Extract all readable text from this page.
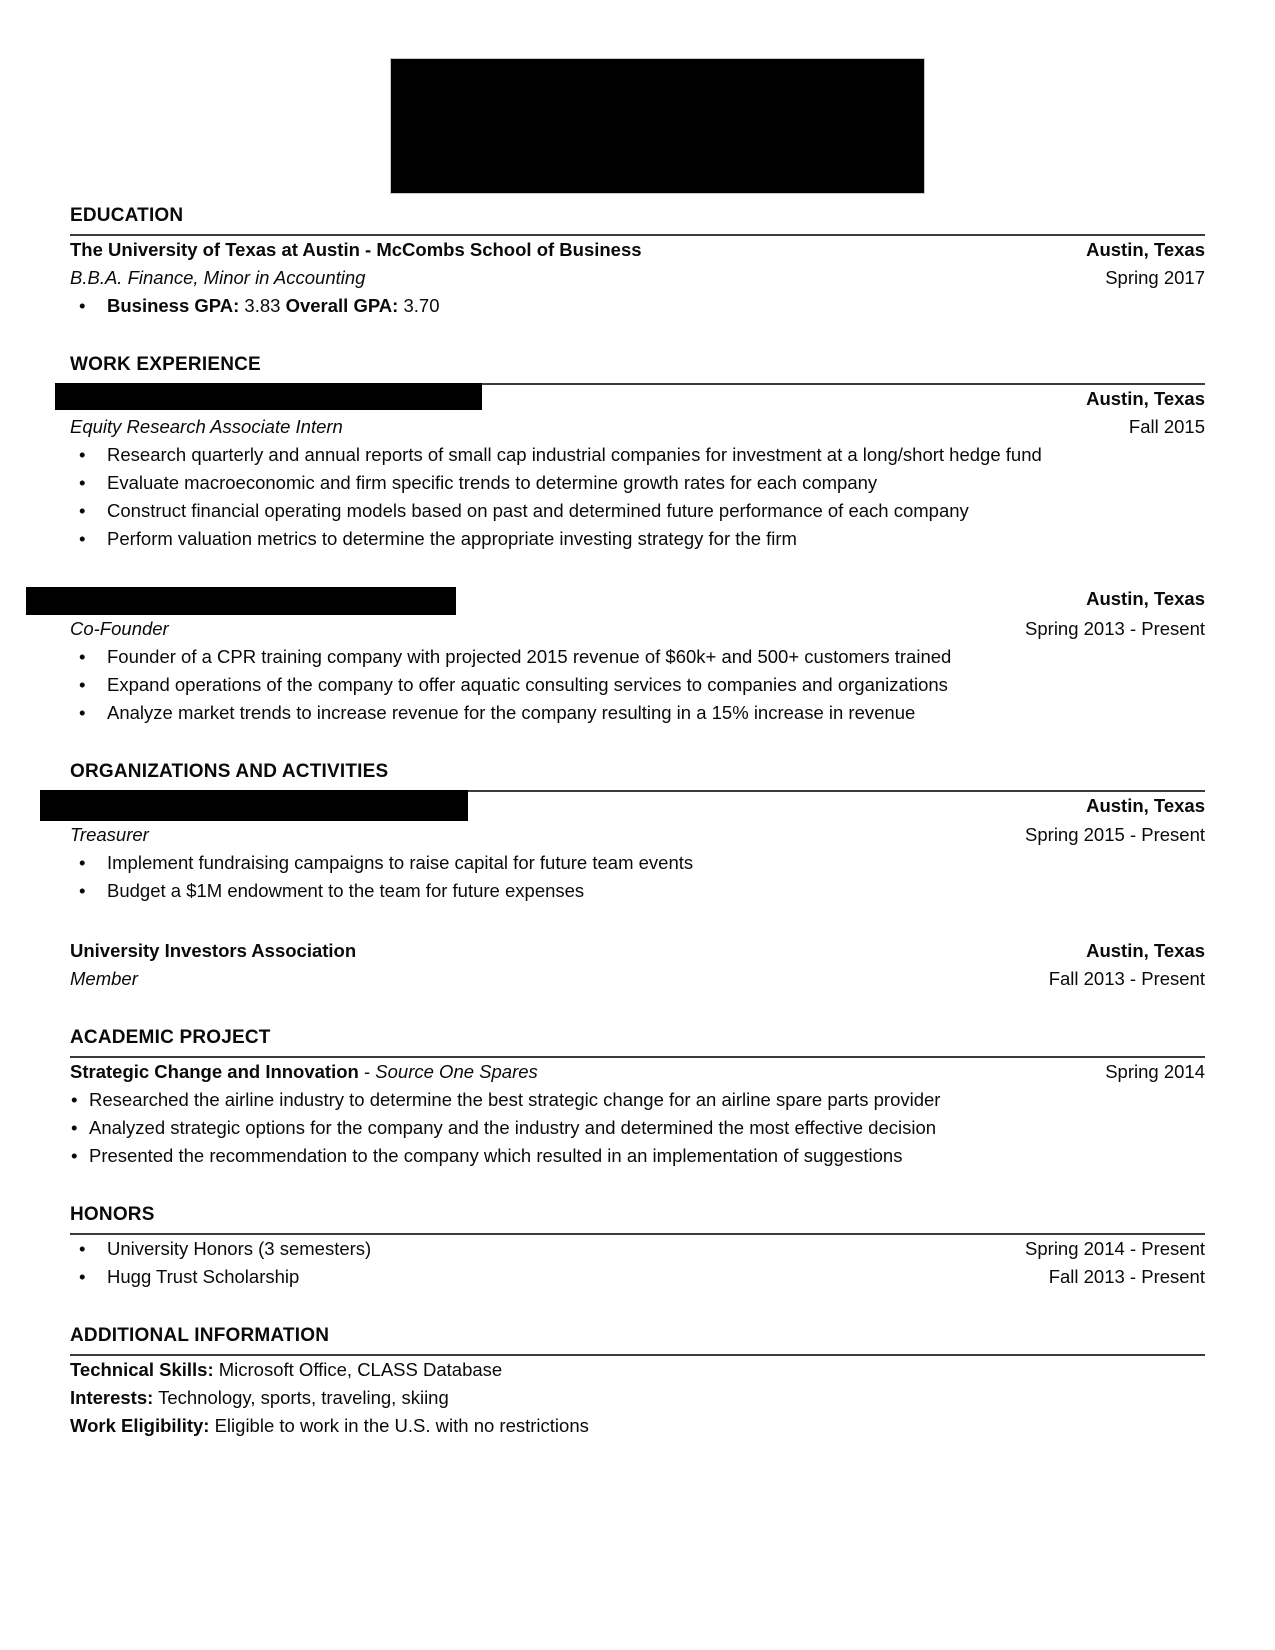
EDUCATION
The University of Texas at Austin - McCombs School of Business	Austin, Texas
B.B.A. Finance, Minor in Accounting	Spring 2017
• Business GPA: 3.83 Overall GPA: 3.70
WORK EXPERIENCE
Austin, Texas
Equity Research Associate Intern	Fall 2015
• Research quarterly and annual reports of small cap industrial companies for investment at a long/short hedge fund
• Evaluate macroeconomic and firm specific trends to determine growth rates for each company
• Construct financial operating models based on past and determined future performance of each company
• Perform valuation metrics to determine the appropriate investing strategy for the firm
Austin, Texas
Co-Founder	Spring 2013 - Present
• Founder of a CPR training company with projected 2015 revenue of $60k+ and 500+ customers trained
• Expand operations of the company to offer aquatic consulting services to companies and organizations
• Analyze market trends to increase revenue for the company resulting in a 15% increase in revenue
ORGANIZATIONS AND ACTIVITIES
Austin, Texas
Treasurer	Spring 2015 - Present
• Implement fundraising campaigns to raise capital for future team events
• Budget a $1M endowment to the team for future expenses
University Investors Association	Austin, Texas
Member	Fall 2013 - Present
ACADEMIC PROJECT
Strategic Change and Innovation - Source One Spares	Spring 2014
• Researched the airline industry to determine the best strategic change for an airline spare parts provider
• Analyzed strategic options for the company and the industry and determined the most effective decision
• Presented the recommendation to the company which resulted in an implementation of suggestions
HONORS
• University Honors (3 semesters)	Spring 2014 - Present
• Hugg Trust Scholarship	Fall 2013 - Present
ADDITIONAL INFORMATION
Technical Skills: Microsoft Office, CLASS Database
Interests: Technology, sports, traveling, skiing
Work Eligibility: Eligible to work in the U.S. with no restrictions
